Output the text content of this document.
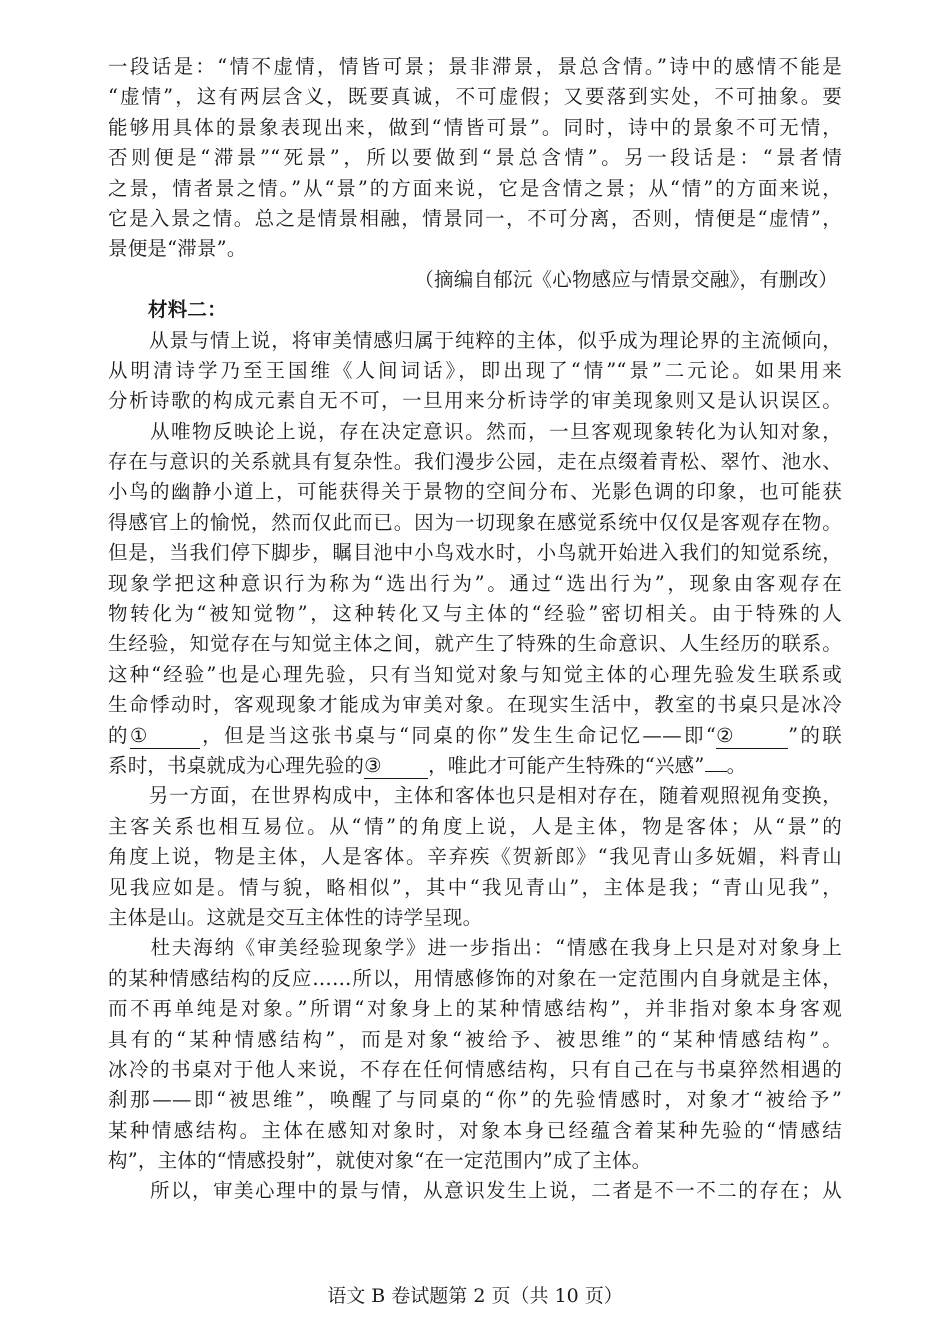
一段话是：“情不虚情，情皆可景；景非滞景，景总含情。”诗中的感情不能是
“虚情”，这有两层含义，既要真诚，不可虚假；又要落到实处，不可抽象。要
能够用具体的景象表现出来，做到“情皆可景”。同时，诗中的景象不可无情，
否则便是“滞景”“死景”，所以要做到“景总含情”。另一段话是：“景者情
之景，情者景之情。”从“景”的方面来说，它是含情之景；从“情”的方面来说，
它是入景之情。总之是情景相融，情景同一，不可分离，否则，情便是“虚情”，
景便是“滞景”。
（摘编自郁沅《心物感应与情景交融》，有删改）
材料二：
　　从景与情上说，将审美情感归属于纯粹的主体，似乎成为理论界的主流倾向，
从明清诗学乃至王国维《人间词话》，即出现了“情”“景”二元论。如果用来
分析诗歌的构成元素自无不可，一旦用来分析诗学的审美现象则又是认识误区。
　　从唯物反映论上说，存在决定意识。然而，一旦客观现象转化为认知对象，
存在与意识的关系就具有复杂性。我们漫步公园，走在点缀着青松、翠竹、池水、
小鸟的幽静小道上，可能获得关于景物的空间分布、光影色调的印象，也可能获
得感官上的愉悦，然而仅此而已。因为一切现象在感觉系统中仅仅是客观存在物。
但是，当我们停下脚步，瞩目池中小鸟戏水时，小鸟就开始进入我们的知觉系统，
现象学把这种意识行为称为“选出行为”。通过“选出行为”，现象由客观存在
物转化为“被知觉物”，这种转化又与主体的“经验”密切相关。由于特殊的人
生经验，知觉存在与知觉主体之间，就产生了特殊的生命意识、人生经历的联系。
这种“经验”也是心理先验，只有当知觉对象与知觉主体的心理先验发生联系或
生命悸动时，客观现象才能成为审美对象。在现实生活中，教室的书桌只是冰冷
的①	，但是当这张书桌与“同桌的你”发生生命记忆——即“②	”的联
系时，书桌就成为心理先验的③ ，唯此才可能产生特殊的“兴感” 。
　　另一方面，在世界构成中，主体和客体也只是相对存在，随着观照视角变换，
主客关系也相互易位。从“情”的角度上说，人是主体，物是客体；从“景”的
角度上说，物是主体，人是客体。辛弃疾《贺新郎》“我见青山多妩媚，料青山
见我应如是。情与貌，略相似”，其中“我见青山”，主体是我；“青山见我”，
主体是山。这就是交互主体性的诗学呈现。
　　杜夫海纳《审美经验现象学》进一步指出：“情感在我身上只是对对象身上
的某种情感结构的反应……所以，用情感修饰的对象在一定范围内自身就是主体，
而不再单纯是对象。”所谓“对象身上的某种情感结构”，并非指对象本身客观
具有的“某种情感结构”，而是对象“被给予、被思维”的“某种情感结构”。
冰冷的书桌对于他人来说，不存在任何情感结构，只有自己在与书桌猝然相遇的
刹那——即“被思维”，唤醒了与同桌的“你”的先验情感时，对象才“被给予”
某种情感结构。主体在感知对象时，对象本身已经蕴含着某种先验的“情感结
构”，主体的“情感投射”，就使对象“在一定范围内”成了主体。
　　所以，审美心理中的景与情，从意识发生上说，二者是不一不二的存在；从
语文 B 卷试题第 2 页（共 10 页）
